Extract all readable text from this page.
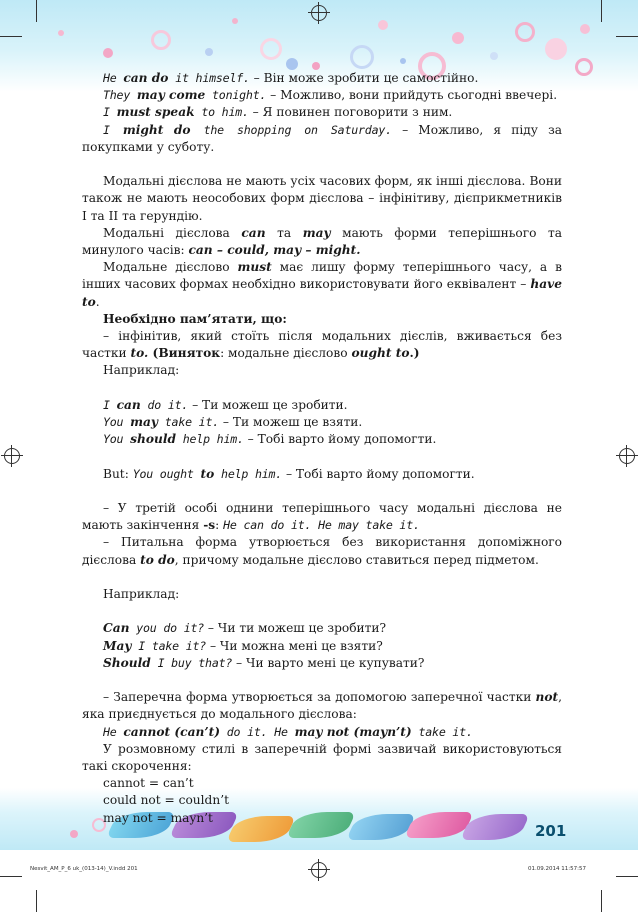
He can do it himself. – Він може зробити це самостійно.

They may come tonight. – Можливо, вони прийдуть сьогодні ввечері.

I must speak to him. – Я повинен поговорити з ним.

I might do the shopping on Saturday. – Можливо, я піду за покупками у суботу.

Модальні дієслова не мають усіх часових форм, як інші дієслова. Вони також не мають неособових форм дієслова – інфінітиву, дієприкметників I та II та герундію.

Модальні дієслова can та may мають форми теперішнього та минулого часів: can – could, may – might.

Модальне дієслово must має лишу форму теперішнього часу, а в інших часових формах необхідно використовувати його еквівалент – have to.

Необхідно пам’ятати, що:

– інфінітив, який стоїть після модальних дієслів, вживається без частки to. (Виняток: модальне дієслово ought to.)

Наприклад:

I can do it. – Ти можеш це зробити.

You may take it. – Ти можеш це взяти.

You should help him. – Тобі варто йому допомогти.

But: You ought to help him. – Тобі варто йому допомогти.

– У третій особі однини теперішнього часу модальні дієслова не мають закінчення -s: He can do it. He may take it.

– Питальна форма утворюється без використання допоміжного дієслова to do, причому модальне дієслово ставиться перед підметом.

Наприклад:

Can you do it? – Чи ти можеш це зробити?

May I take it? – Чи можна мені це взяти?

Should I buy that? – Чи варто мені це купувати?

– Заперечна форма утворюється за допомогою заперечної частки not, яка приєднується до модального дієслова:

He cannot (can’t) do it. He may not (mayn’t) take it.

У розмовному стилі в заперечній формі зазвичай використовуються такі скорочення:

cannot = can’t

could not = couldn’t

may not = mayn’t

201
Nesvit_AM_P_6 uk_(013-14)_V.indd 201	01.09.2014 11:57:57
